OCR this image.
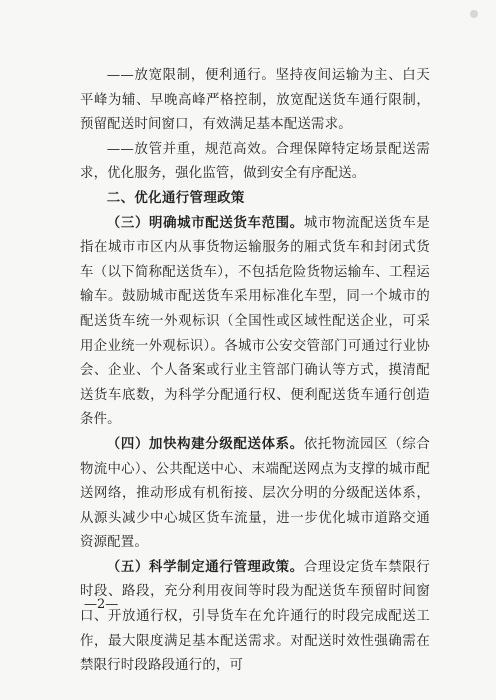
——放宽限制，便利通行。坚持夜间运输为主、白天平峰为辅、早晚高峰严格控制，放宽配送货车通行限制，预留配送时间窗口，有效满足基本配送需求。

——放管并重，规范高效。合理保障特定场景配送需求，优化服务，强化监管，做到安全有序配送。

二、优化通行管理政策

（三）明确城市配送货车范围。城市物流配送货车是指在城市市区内从事货物运输服务的厢式货车和封闭式货车（以下简称配送货车），不包括危险货物运输车、工程运输车。鼓励城市配送货车采用标准化车型，同一个城市的配送货车统一外观标识（全国性或区域性配送企业，可采用企业统一外观标识）。各城市公安交管部门可通过行业协会、企业、个人备案或行业主管部门确认等方式，摸清配送货车底数，为科学分配通行权、便利配送货车通行创造条件。

（四）加快构建分级配送体系。依托物流园区（综合物流中心）、公共配送中心、末端配送网点为支撑的城市配送网络，推动形成有机衔接、层次分明的分级配送体系，从源头减少中心城区货车流量，进一步优化城市道路交通资源配置。

（五）科学制定通行管理政策。合理设定货车禁限行时段、路段，充分利用夜间等时段为配送货车预留时间窗口、开放通行权，引导货车在允许通行的时段完成配送工作，最大限度满足基本配送需求。对配送时效性强确需在禁限行时段路段通行的，可

—2—
